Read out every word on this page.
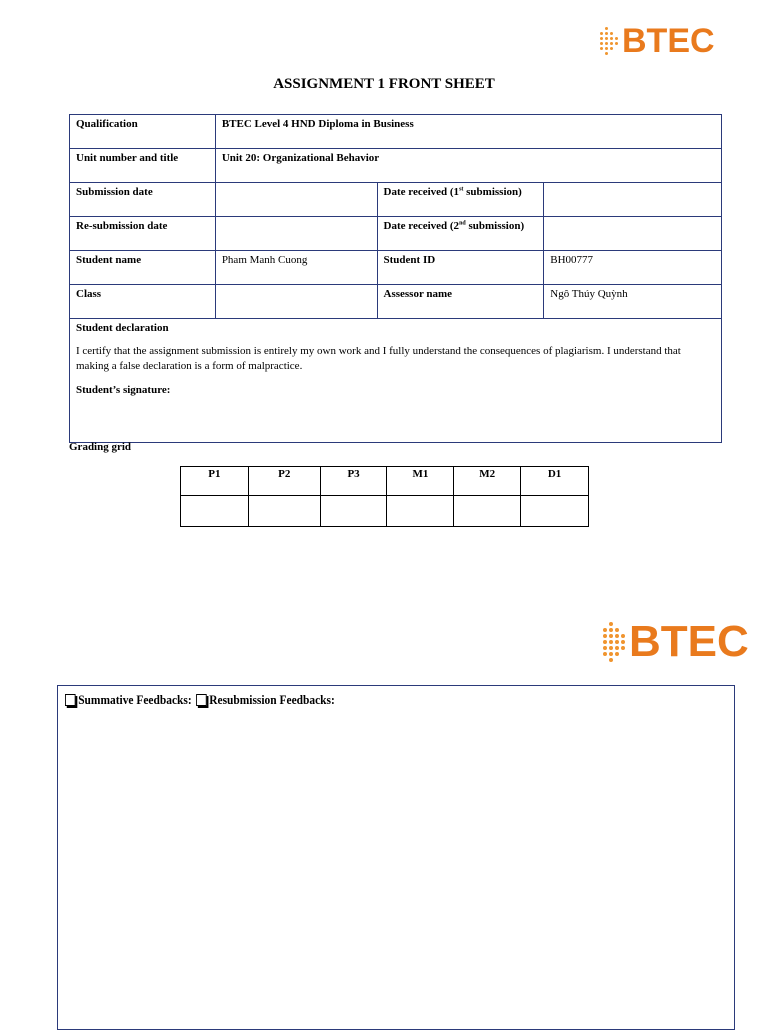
BTEC
ASSIGNMENT 1 FRONT SHEET
Qualification	BTEC Level 4 HND Diploma in Business		
Unit number and title	Unit 20: Organizational Behavior		
Submission date		Date received (1st submission)	
Re-submission date		Date received (2nd submission)	
Student name	Pham Manh Cuong	Student ID	BH00777
Class		Assessor name	Ngô Thúy Quỳnh

Student declaration
I certify that the assignment submission is entirely my own work and I fully understand the consequences of plagiarism. I understand that making a false declaration is a form of malpractice.
Student’s signature:			
Grading grid
P1	P2	P3	M1	M2	D1

BTEC
Summative Feedbacks: Resubmission Feedbacks:
